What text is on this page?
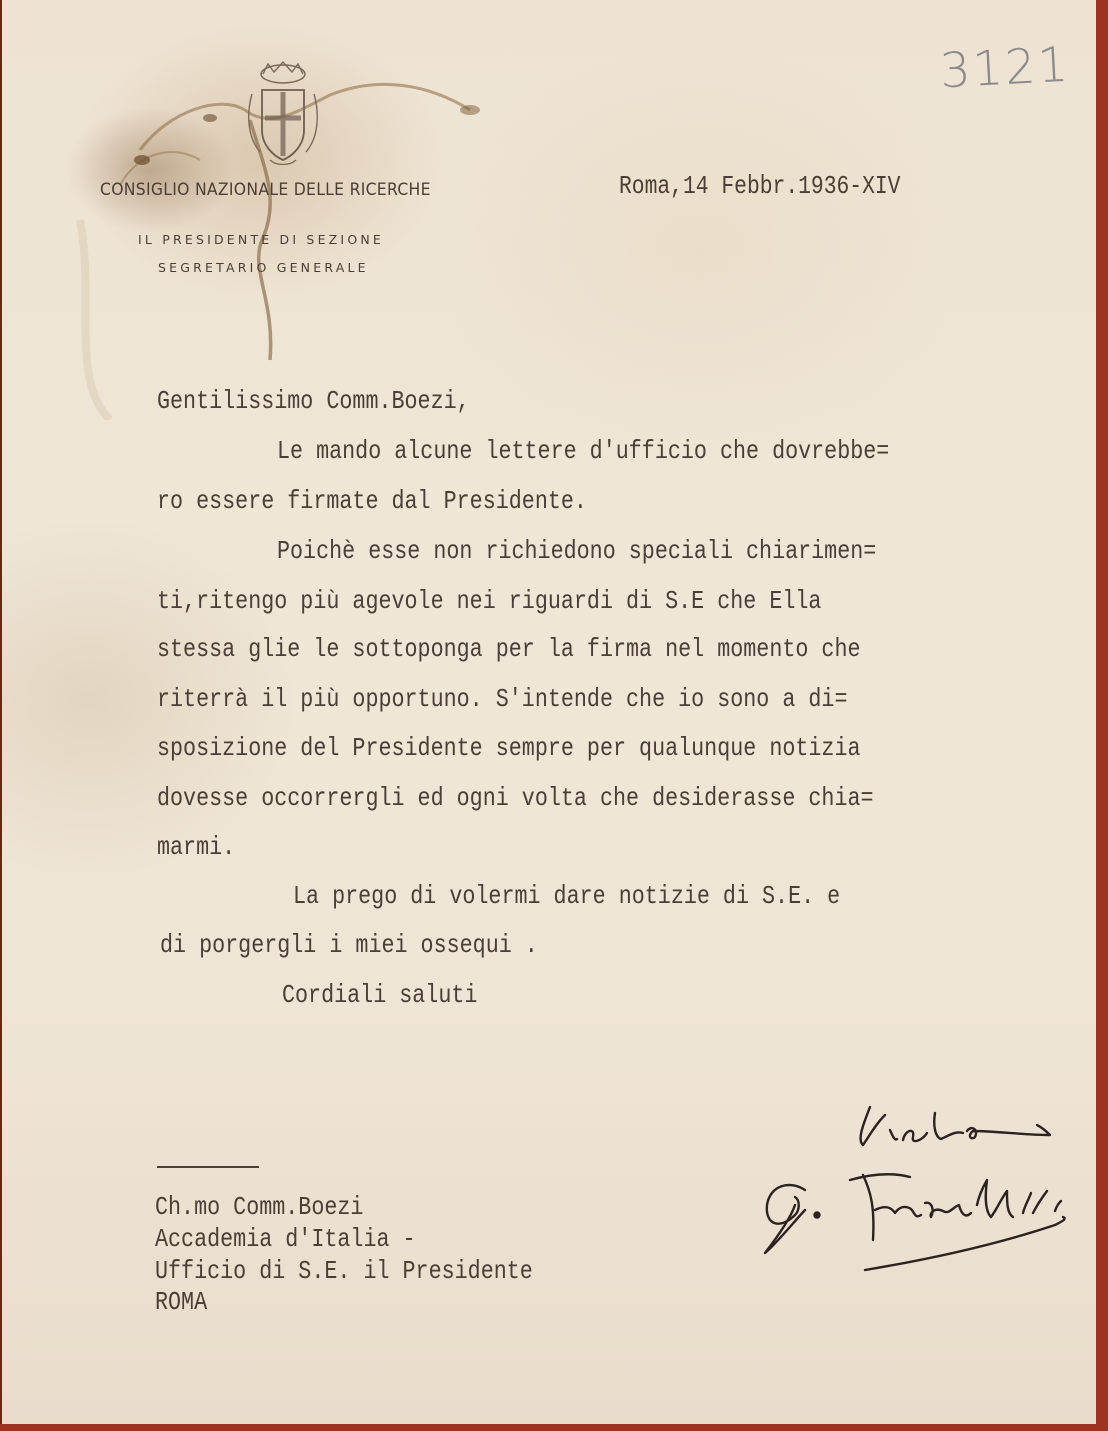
CONSIGLIO NAZIONALE DELLE RICERCHE
IL PRESIDENTE DI SEZIONE
SEGRETARIO GENERALE
3121
Roma,14 Febbr.1936-XIV
Gentilissimo Comm.Boezi,
Le mando alcune lettere d'ufficio che dovrebbe=
ro essere firmate dal Presidente.
Poichè esse non richiedono speciali chiarimen=
ti,ritengo più agevole nei riguardi di S.E che Ella
stessa glie le sottoponga per la firma nel momento che
riterrà il più opportuno. S'intende che io sono a di=
sposizione del Presidente sempre per qualunque notizia
dovesse occorrergli ed ogni volta che desiderasse chia=
marmi.
La prego di volermi dare notizie di S.E. e
di porgergli i miei ossequi .
Cordiali saluti
Ch.mo Comm.Boezi
Accademia d'Italia -
Ufficio di S.E. il Presidente
ROMA
